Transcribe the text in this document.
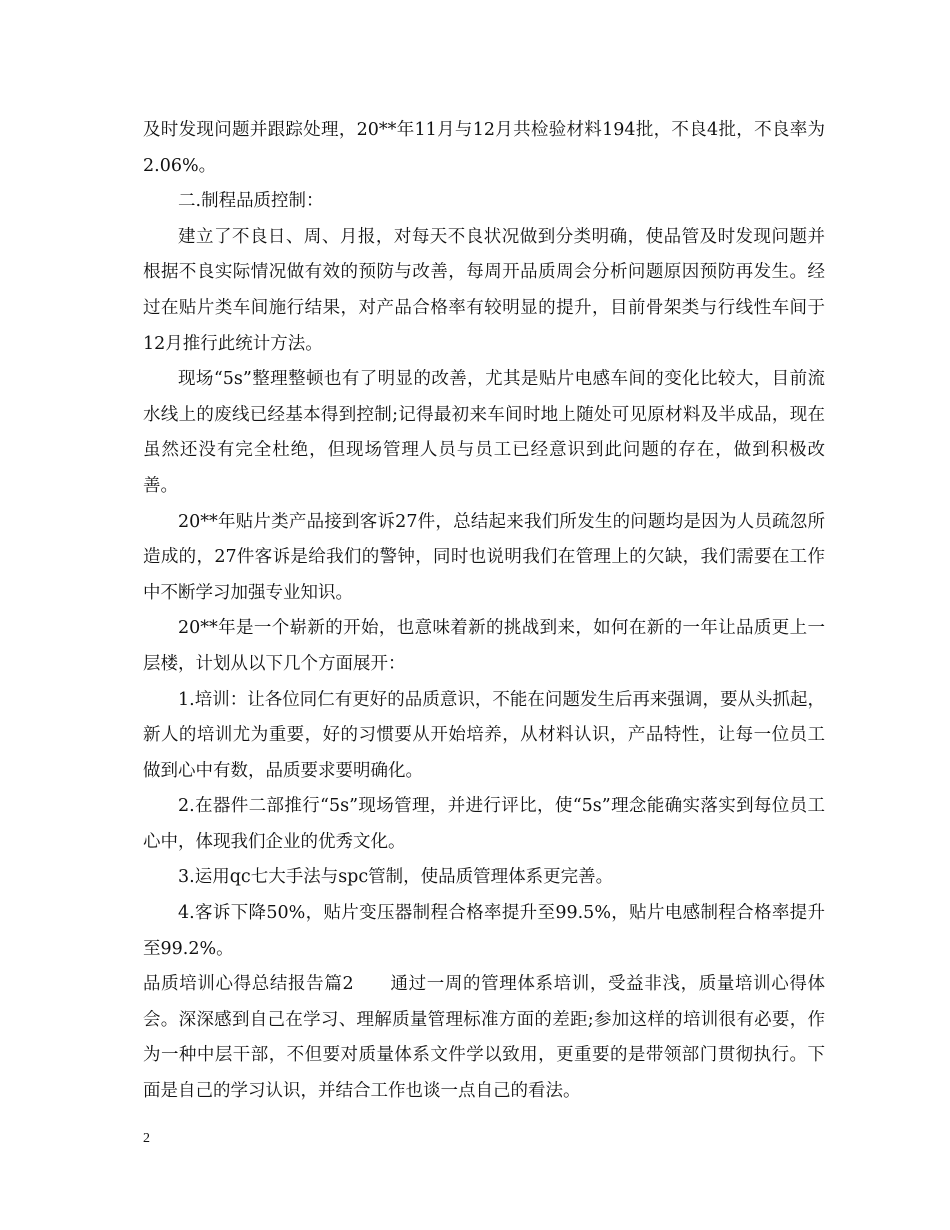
及时发现问题并跟踪处理，20**年11月与12月共检验材料194批，不良4批，不良率为2.06%。

二.制程品质控制：

建立了不良日、周、月报，对每天不良状况做到分类明确，使品管及时发现问题并根据不良实际情况做有效的预防与改善，每周开品质周会分析问题原因预防再发生。经过在贴片类车间施行结果，对产品合格率有较明显的提升，目前骨架类与行线性车间于12月推行此统计方法。

现场“5s”整理整顿也有了明显的改善，尤其是贴片电感车间的变化比较大，目前流水线上的废线已经基本得到控制;记得最初来车间时地上随处可见原材料及半成品，现在虽然还没有完全杜绝，但现场管理人员与员工已经意识到此问题的存在，做到积极改善。

20**年贴片类产品接到客诉27件，总结起来我们所发生的问题均是因为人员疏忽所造成的，27件客诉是给我们的警钟，同时也说明我们在管理上的欠缺，我们需要在工作中不断学习加强专业知识。

20**年是一个崭新的开始，也意味着新的挑战到来，如何在新的一年让品质更上一层楼，计划从以下几个方面展开：

1.培训：让各位同仁有更好的品质意识，不能在问题发生后再来强调，要从头抓起，新人的培训尤为重要，好的习惯要从开始培养，从材料认识，产品特性，让每一位员工做到心中有数，品质要求要明确化。

2.在器件二部推行“5s”现场管理，并进行评比，使“5s”理念能确实落实到每位员工心中，体现我们企业的优秀文化。

3.运用qc七大手法与spc管制，使品质管理体系更完善。

4.客诉下降50%，贴片变压器制程合格率提升至99.5%，贴片电感制程合格率提升至99.2%。

品质培训心得总结报告篇2　　通过一周的管理体系培训，受益非浅，质量培训心得体会。深深感到自己在学习、理解质量管理标准方面的差距;参加这样的培训很有必要，作为一种中层干部，不但要对质量体系文件学以致用，更重要的是带领部门贯彻执行。下面是自己的学习认识，并结合工作也谈一点自己的看法。

2
